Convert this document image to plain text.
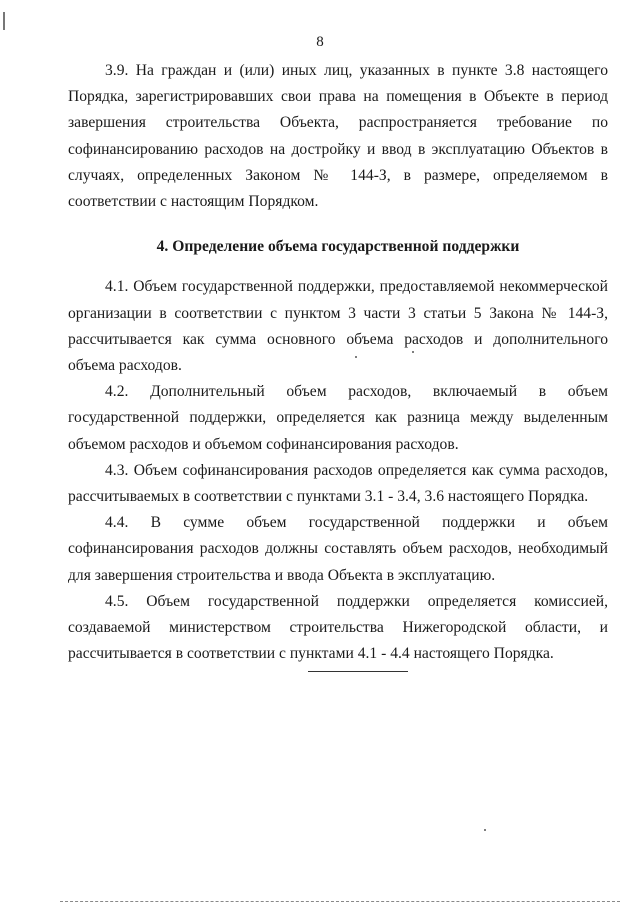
8

3.9. На граждан и (или) иных лиц, указанных в пункте 3.8 настоящего Порядка, зарегистрировавших свои права на помещения в Объекте в период завершения строительства Объекта, распространяется требование по софинансированию расходов на достройку и ввод в эксплуатацию Объектов в случаях, определенных Законом № 144-З, в размере, определяемом в соответствии с настоящим Порядком.

4. Определение объема государственной поддержки

4.1. Объем государственной поддержки, предоставляемой некоммерческой организации в соответствии с пунктом 3 части 3 статьи 5 Закона № 144-З, рассчитывается как сумма основного объема расходов и дополнительного объема расходов.

4.2. Дополнительный объем расходов, включаемый в объем государственной поддержки, определяется как разница между выделенным объемом расходов и объемом софинансирования расходов.

4.3. Объем софинансирования расходов определяется как сумма расходов, рассчитываемых в соответствии с пунктами 3.1 - 3.4, 3.6 настоящего Порядка.

4.4. В сумме объем государственной поддержки и объем софинансирования расходов должны составлять объем расходов, необходимый для завершения строительства и ввода Объекта в эксплуатацию.

4.5. Объем государственной поддержки определяется комиссией, создаваемой министерством строительства Нижегородской области, и рассчитывается в соответствии с пунктами 4.1 - 4.4 настоящего Порядка.
